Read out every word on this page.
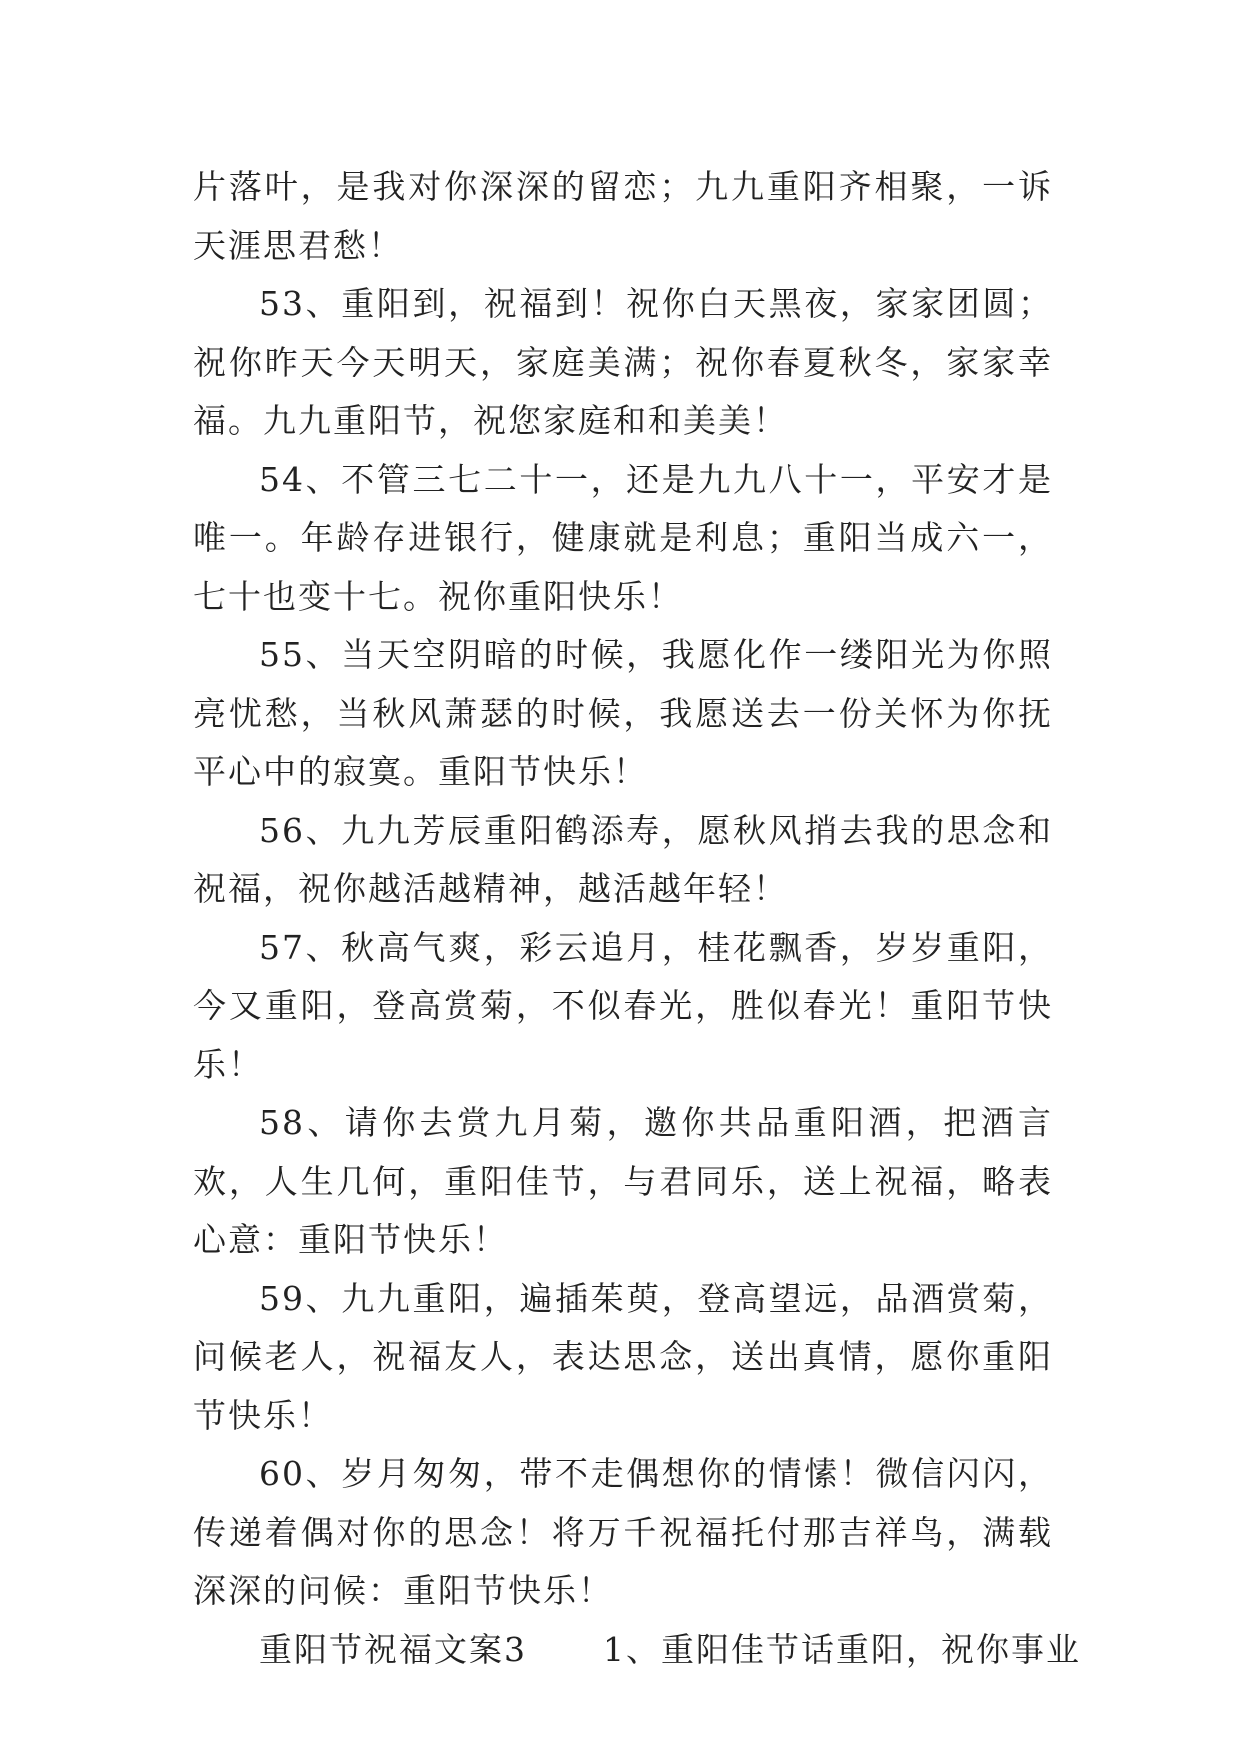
片落叶，是我对你深深的留恋；九九重阳齐相聚，一诉天涯思君愁！

53、重阳到，祝福到！祝你白天黑夜，家家团圆；祝你昨天今天明天，家庭美满；祝你春夏秋冬，家家幸福。九九重阳节，祝您家庭和和美美！

54、不管三七二十一，还是九九八十一，平安才是唯一。年龄存进银行，健康就是利息；重阳当成六一，七十也变十七。祝你重阳快乐！

55、当天空阴暗的时候，我愿化作一缕阳光为你照亮忧愁，当秋风萧瑟的时候，我愿送去一份关怀为你抚平心中的寂寞。重阳节快乐！

56、九九芳辰重阳鹤添寿，愿秋风捎去我的思念和祝福，祝你越活越精神，越活越年轻！

57、秋高气爽，彩云追月，桂花飘香，岁岁重阳，今又重阳，登高赏菊，不似春光，胜似春光！重阳节快乐！

58、请你去赏九月菊，邀你共品重阳酒，把酒言欢，人生几何，重阳佳节，与君同乐，送上祝福，略表心意：重阳节快乐！

59、九九重阳，遍插茱萸，登高望远，品酒赏菊，问候老人，祝福友人，表达思念，送出真情，愿你重阳节快乐！

60、岁月匆匆，带不走偶想你的情愫！微信闪闪，传递着偶对你的思念！将万千祝福托付那吉祥鸟，满载深深的问候：重阳节快乐！

重阳节祝福文案3 1、重阳佳节话重阳，祝你事业
